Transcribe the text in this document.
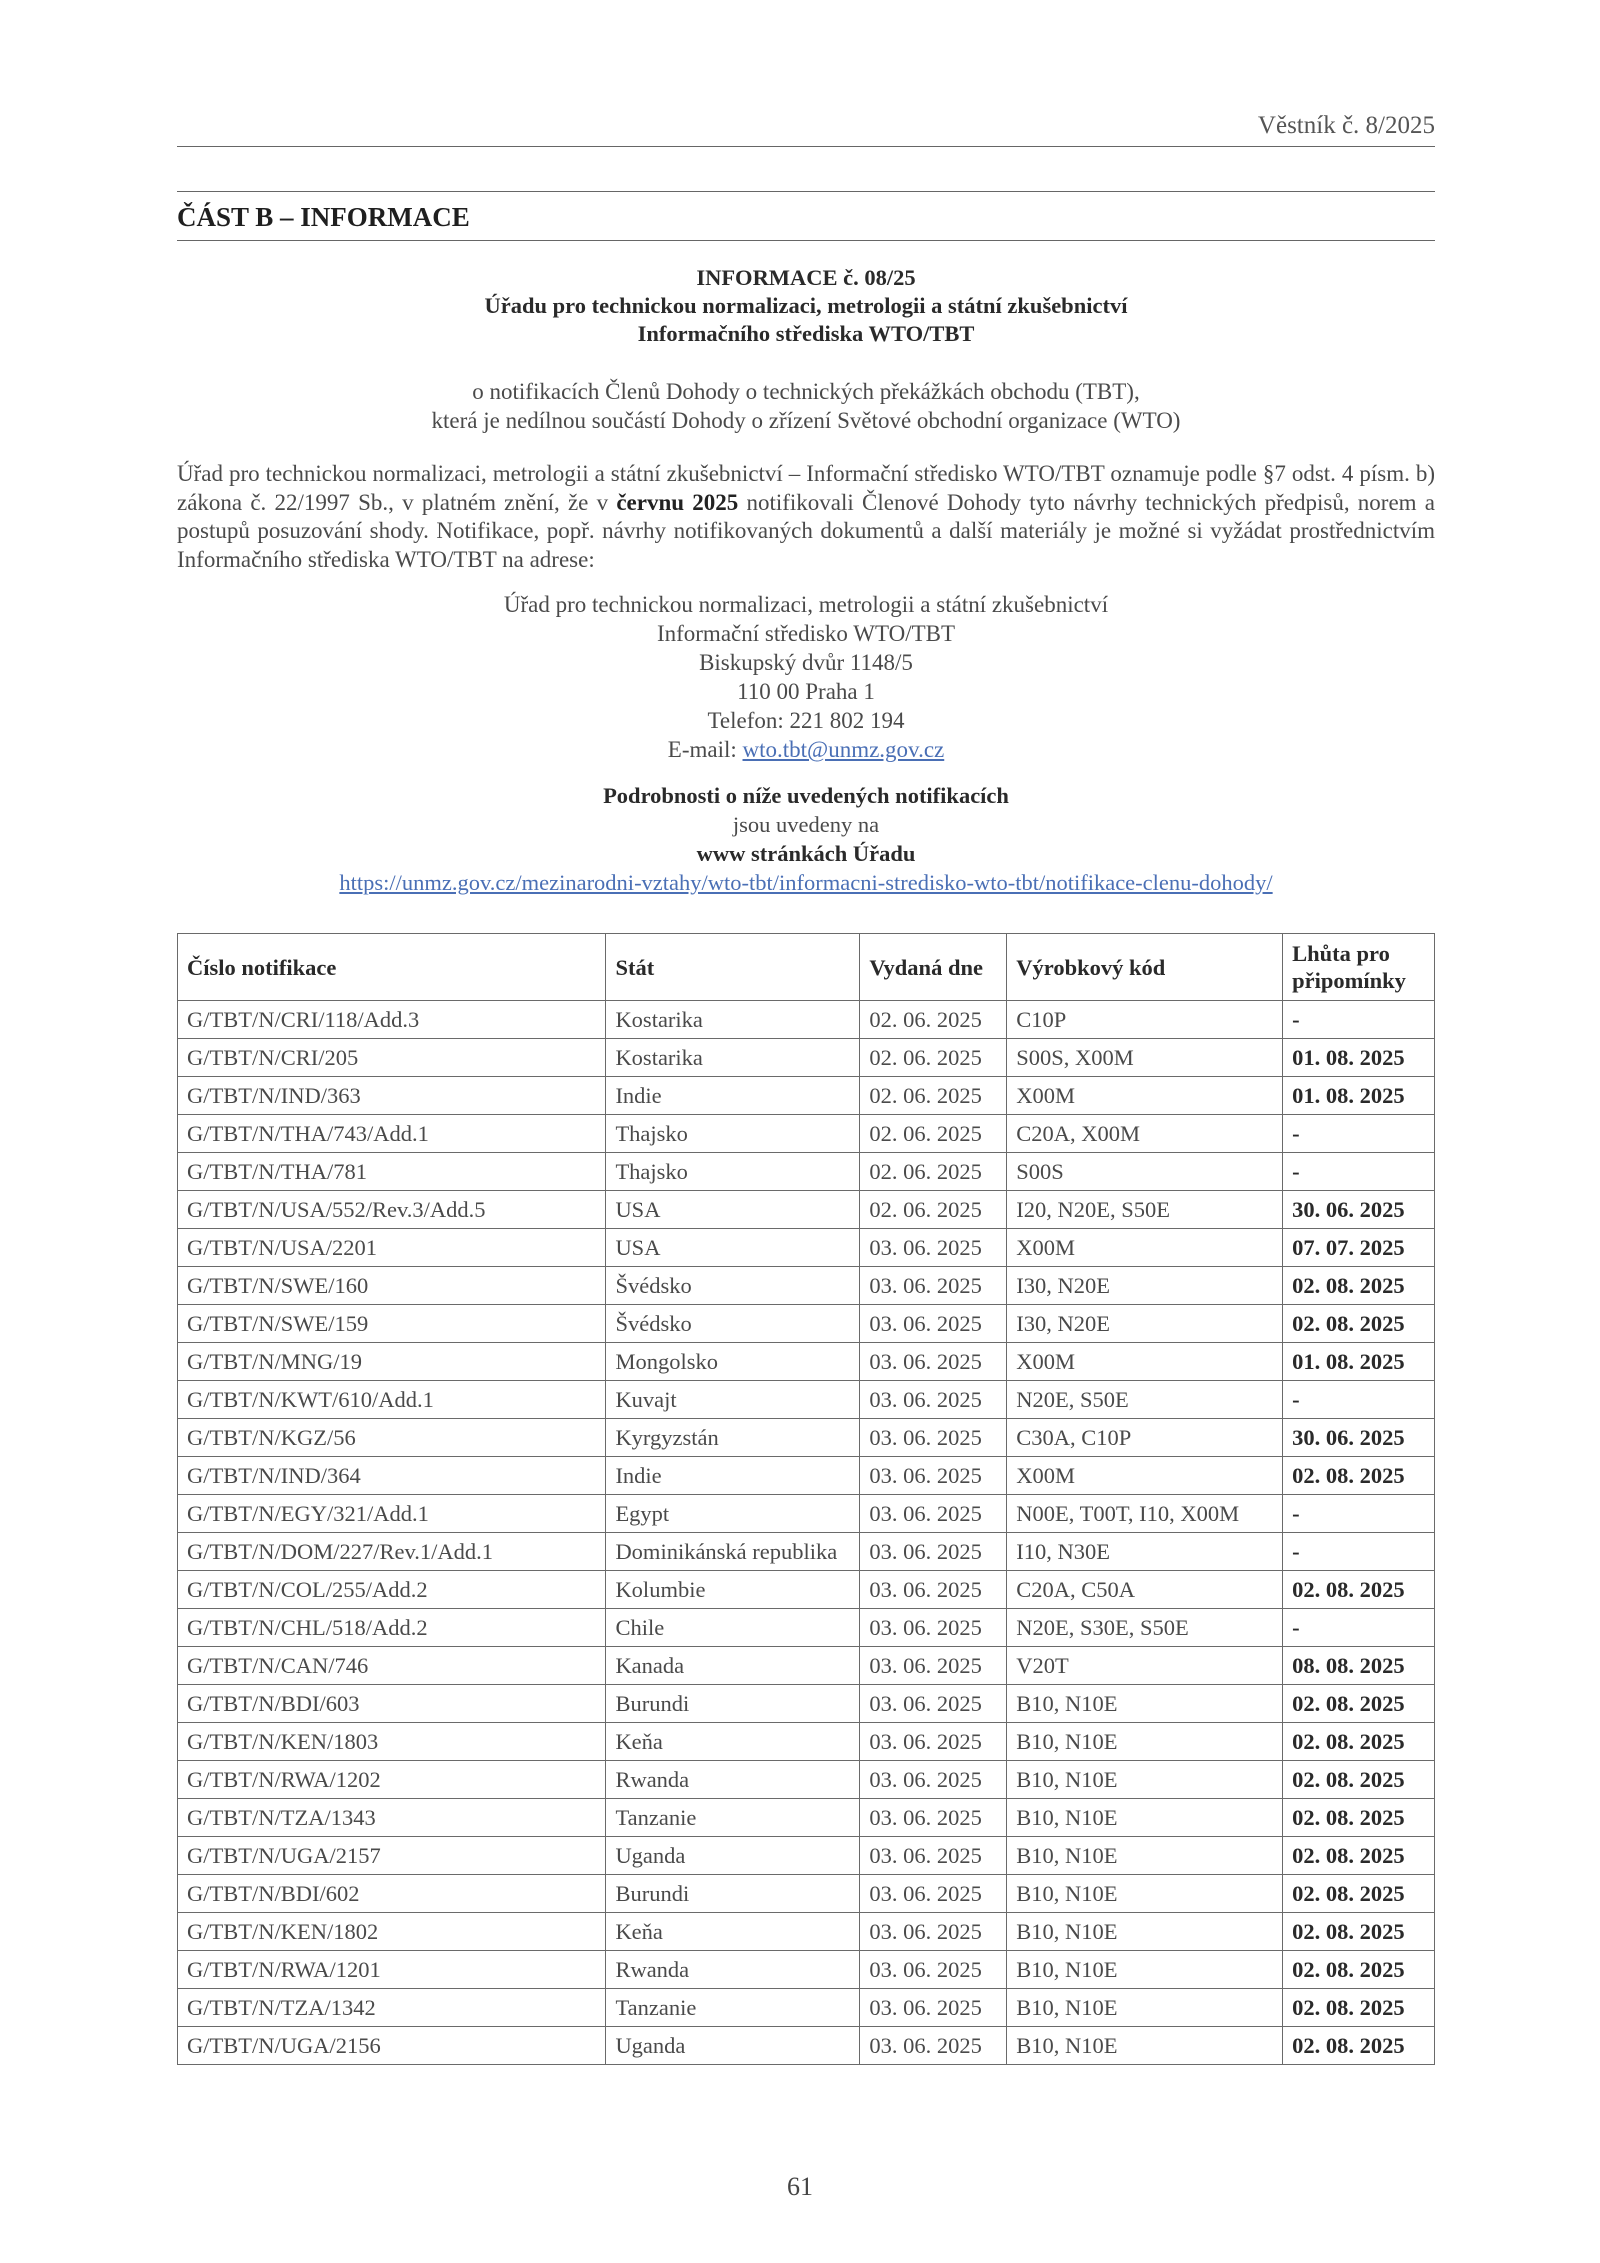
Věstník č. 8/2025
ČÁST B – INFORMACE
INFORMACE č. 08/25
Úřadu pro technickou normalizaci, metrologii a státní zkušebnictví
Informačního střediska WTO/TBT
o notifikacích Členů Dohody o technických překážkách obchodu (TBT),
která je nedílnou součástí Dohody o zřízení Světové obchodní organizace (WTO)
Úřad pro technickou normalizaci, metrologii a státní zkušebnictví – Informační středisko WTO/TBT oznamuje podle §7 odst. 4 písm. b) zákona č. 22/1997 Sb., v platném znění, že v červnu 2025 notifikovali Členové Dohody tyto návrhy technických předpisů, norem a postupů posuzování shody. Notifikace, popř. návrhy notifikovaných dokumentů a další materiály je možné si vyžádat prostřednictvím Informačního střediska WTO/TBT na adrese:
Úřad pro technickou normalizaci, metrologii a státní zkušebnictví
Informační středisko WTO/TBT
Biskupský dvůr 1148/5
110 00 Praha 1
Telefon: 221 802 194
E-mail: wto.tbt@unmz.gov.cz
Podrobnosti o níže uvedených notifikacích
jsou uvedeny na
www stránkách Úřadu
https://unmz.gov.cz/mezinarodni-vztahy/wto-tbt/informacni-stredisko-wto-tbt/notifikace-clenu-dohody/
Číslo notifikace	Stát	Vydaná dne	Výrobkový kód	Lhůta pro připomínky
G/TBT/N/CRI/118/Add.3	Kostarika	02. 06. 2025	C10P	-
G/TBT/N/CRI/205	Kostarika	02. 06. 2025	S00S, X00M	01. 08. 2025
G/TBT/N/IND/363	Indie	02. 06. 2025	X00M	01. 08. 2025
G/TBT/N/THA/743/Add.1	Thajsko	02. 06. 2025	C20A, X00M	-
G/TBT/N/THA/781	Thajsko	02. 06. 2025	S00S	-
G/TBT/N/USA/552/Rev.3/Add.5	USA	02. 06. 2025	I20, N20E, S50E	30. 06. 2025
G/TBT/N/USA/2201	USA	03. 06. 2025	X00M	07. 07. 2025
G/TBT/N/SWE/160	Švédsko	03. 06. 2025	I30, N20E	02. 08. 2025
G/TBT/N/SWE/159	Švédsko	03. 06. 2025	I30, N20E	02. 08. 2025
G/TBT/N/MNG/19	Mongolsko	03. 06. 2025	X00M	01. 08. 2025
G/TBT/N/KWT/610/Add.1	Kuvajt	03. 06. 2025	N20E, S50E	-
G/TBT/N/KGZ/56	Kyrgyzstán	03. 06. 2025	C30A, C10P	30. 06. 2025
G/TBT/N/IND/364	Indie	03. 06. 2025	X00M	02. 08. 2025
G/TBT/N/EGY/321/Add.1	Egypt	03. 06. 2025	N00E, T00T, I10, X00M	-
G/TBT/N/DOM/227/Rev.1/Add.1	Dominikánská republika	03. 06. 2025	I10, N30E	-
G/TBT/N/COL/255/Add.2	Kolumbie	03. 06. 2025	C20A, C50A	02. 08. 2025
G/TBT/N/CHL/518/Add.2	Chile	03. 06. 2025	N20E, S30E, S50E	-
G/TBT/N/CAN/746	Kanada	03. 06. 2025	V20T	08. 08. 2025
G/TBT/N/BDI/603	Burundi	03. 06. 2025	B10, N10E	02. 08. 2025
G/TBT/N/KEN/1803	Keňa	03. 06. 2025	B10, N10E	02. 08. 2025
G/TBT/N/RWA/1202	Rwanda	03. 06. 2025	B10, N10E	02. 08. 2025
G/TBT/N/TZA/1343	Tanzanie	03. 06. 2025	B10, N10E	02. 08. 2025
G/TBT/N/UGA/2157	Uganda	03. 06. 2025	B10, N10E	02. 08. 2025
G/TBT/N/BDI/602	Burundi	03. 06. 2025	B10, N10E	02. 08. 2025
G/TBT/N/KEN/1802	Keňa	03. 06. 2025	B10, N10E	02. 08. 2025
G/TBT/N/RWA/1201	Rwanda	03. 06. 2025	B10, N10E	02. 08. 2025
G/TBT/N/TZA/1342	Tanzanie	03. 06. 2025	B10, N10E	02. 08. 2025
G/TBT/N/UGA/2156	Uganda	03. 06. 2025	B10, N10E	02. 08. 2025
61
